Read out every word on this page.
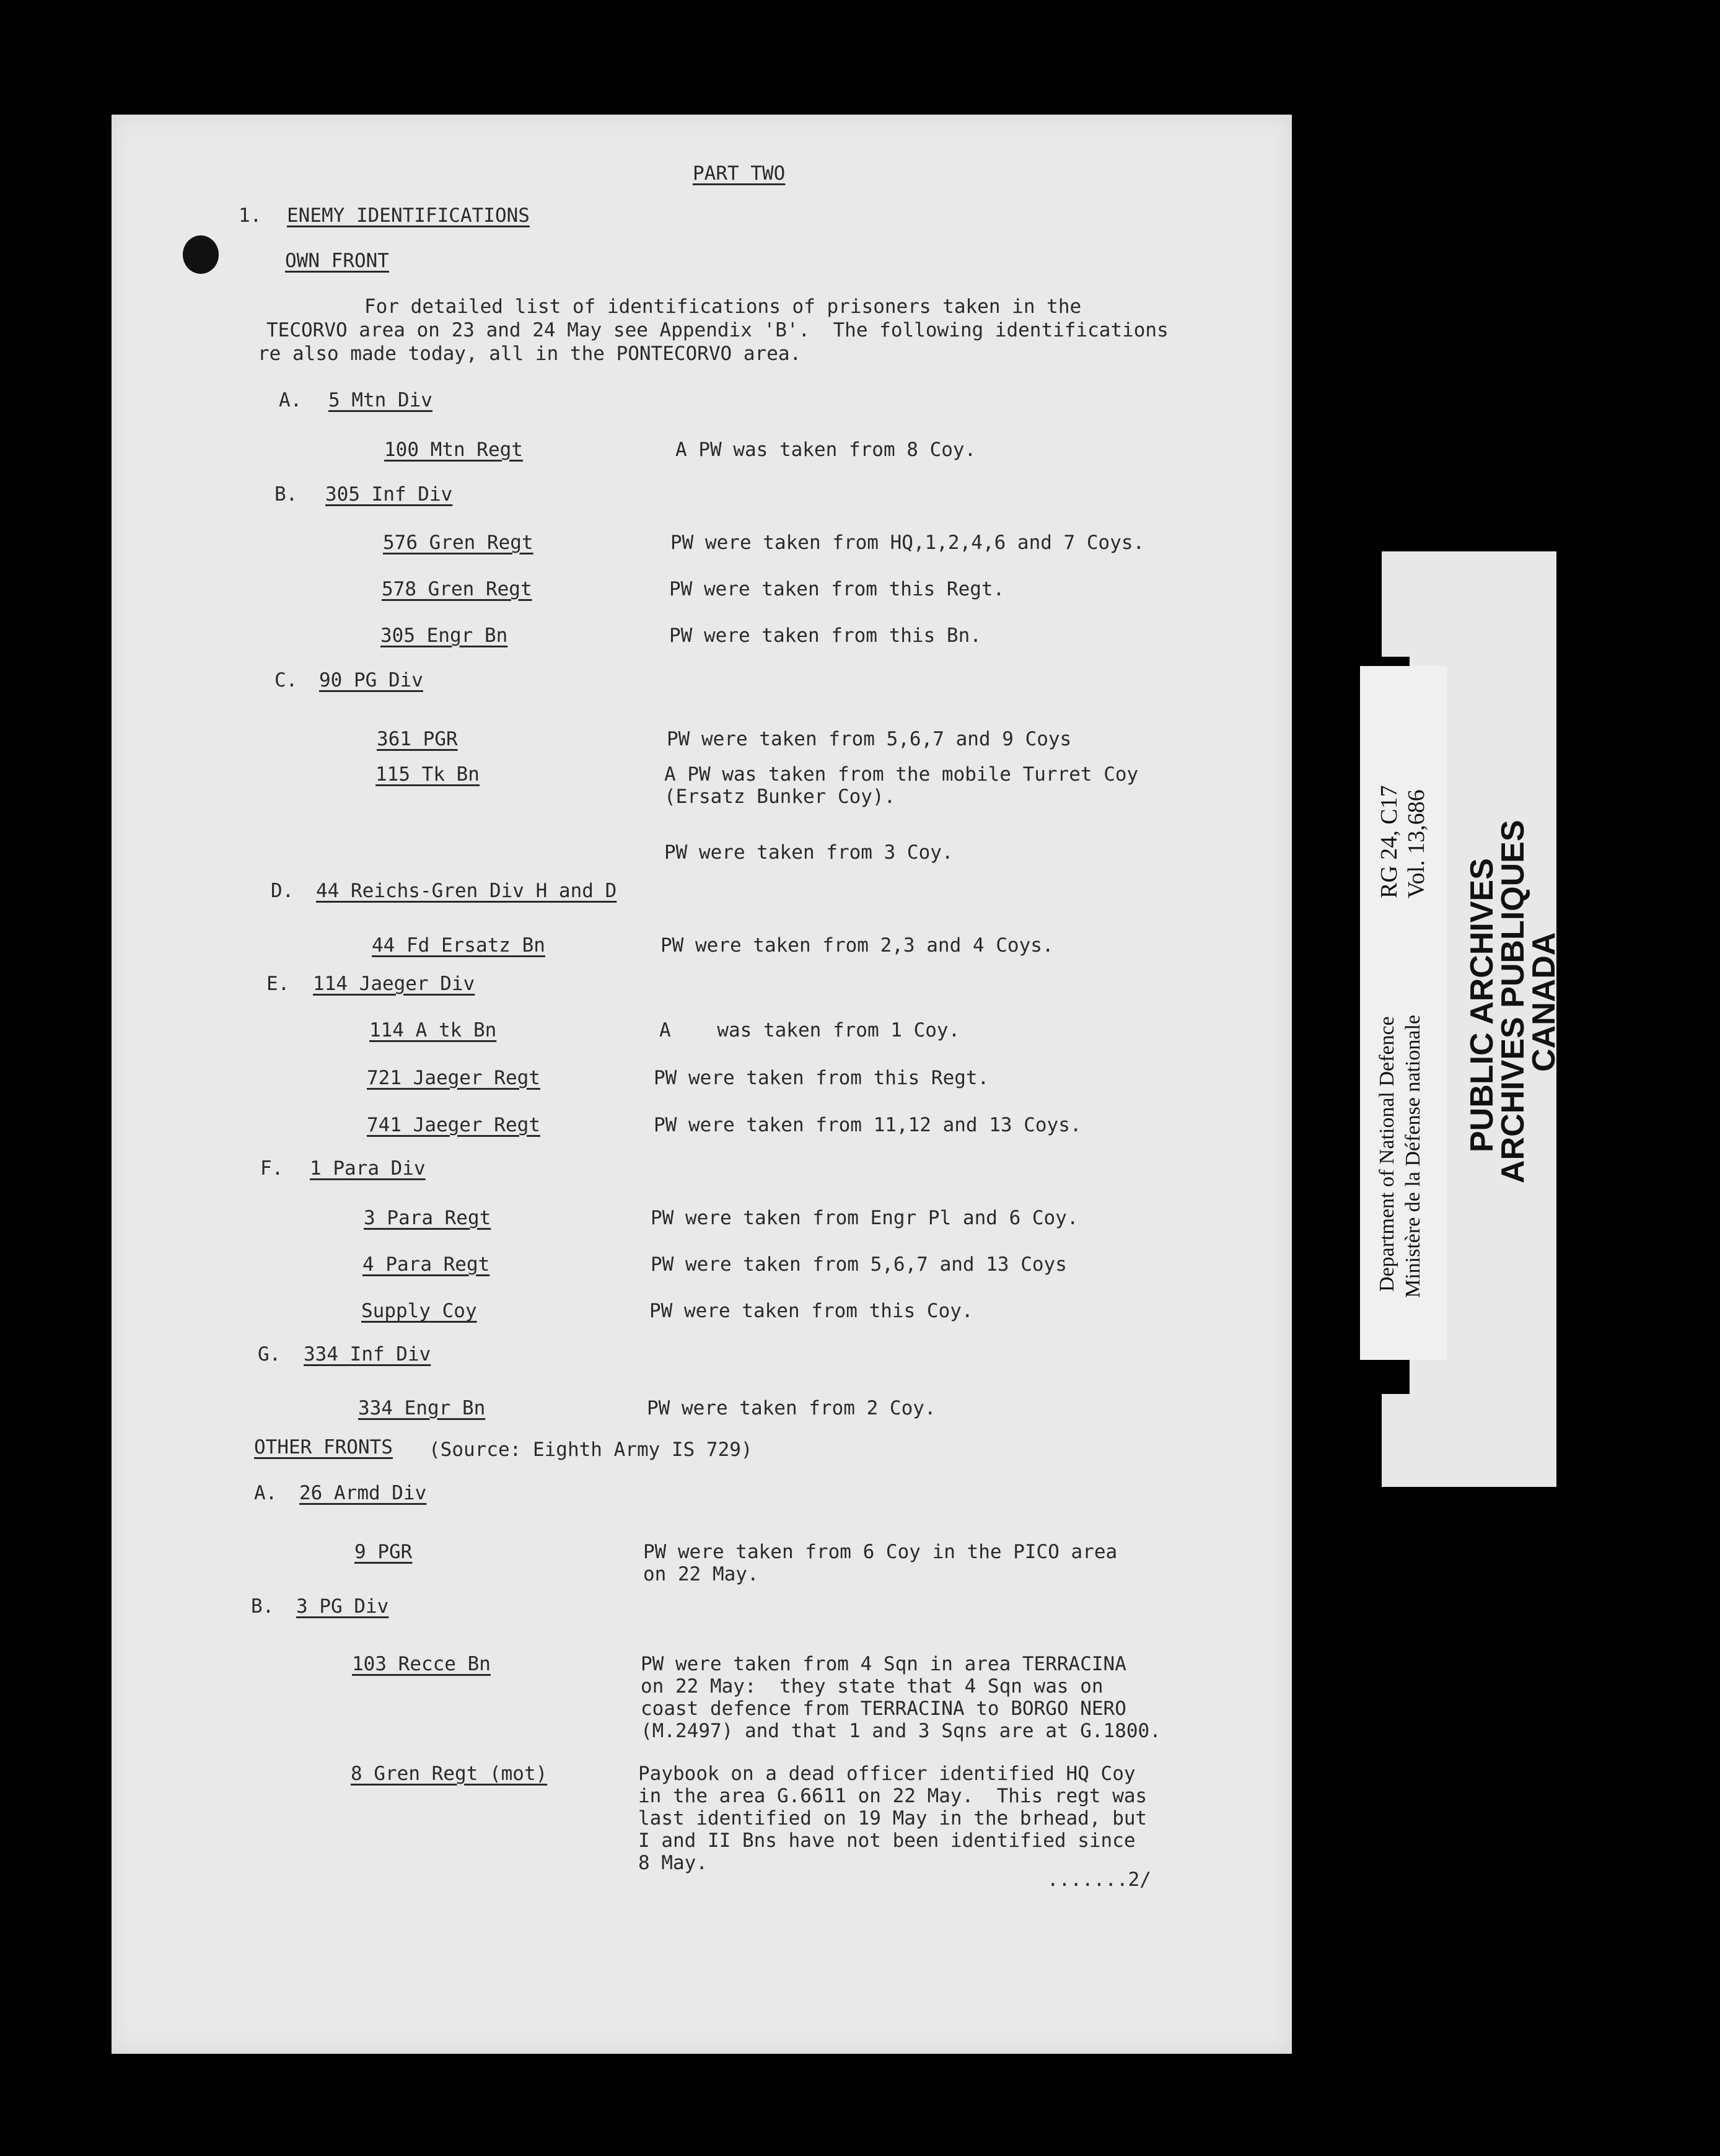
PART TWO
1. ENEMY IDENTIFICATIONS
OWN FRONT
For detailed list of identifications of prisoners taken in the
TECORVO area on 23 and 24 May see Appendix 'B'.  The following identifications
re also made today, all in the PONTECORVO area.
A. 5 Mtn Div
100 Mtn Regt	A PW was taken from 8 Coy.
B. 305 Inf Div
576 Gren Regt	PW were taken from HQ,1,2,4,6 and 7 Coys.
578 Gren Regt	PW were taken from this Regt.
305 Engr Bn	PW were taken from this Bn.
C. 90 PG Div
361 PGR	PW were taken from 5,6,7 and 9 Coys
115 Tk Bn	A PW was taken from the mobile Turret Coy
(Ersatz Bunker Coy).
PW were taken from 3 Coy.
D. 44 Reichs-Gren Div H and D
44 Fd Ersatz Bn	PW were taken from 2,3 and 4 Coys.
E. 114 Jaeger Div
114 A tk Bn	A    was taken from 1 Coy.
721 Jaeger Regt	PW were taken from this Regt.
741 Jaeger Regt	PW were taken from 11,12 and 13 Coys.
F. 1 Para Div
3 Para Regt	PW were taken from Engr Pl and 6 Coy.
4 Para Regt	PW were taken from 5,6,7 and 13 Coys
Supply Coy	PW were taken from this Coy.
G. 334 Inf Div
334 Engr Bn	PW were taken from 2 Coy.
OTHER FRONTS (Source: Eighth Army IS 729)
A. 26 Armd Div
9 PGR	PW were taken from 6 Coy in the PICO area
on 22 May.
B. 3 PG Div
103 Recce Bn	PW were taken from 4 Sqn in area TERRACINA
on 22 May:  they state that 4 Sqn was on
coast defence from TERRACINA to BORGO NERO
(M.2497) and that 1 and 3 Sqns are at G.1800.
8 Gren Regt (mot)	Paybook on a dead officer identified HQ Coy
in the area G.6611 on 22 May.  This regt was
last identified on 19 May in the brhead, but
I and II Bns have not been identified since
8 May.
.......2/
PUBLIC ARCHIVES
ARCHIVES PUBLIQUES
CANADA
Department of National Defence Ministère de la Défense nationale
RG 24, C17 Vol. 13,686
